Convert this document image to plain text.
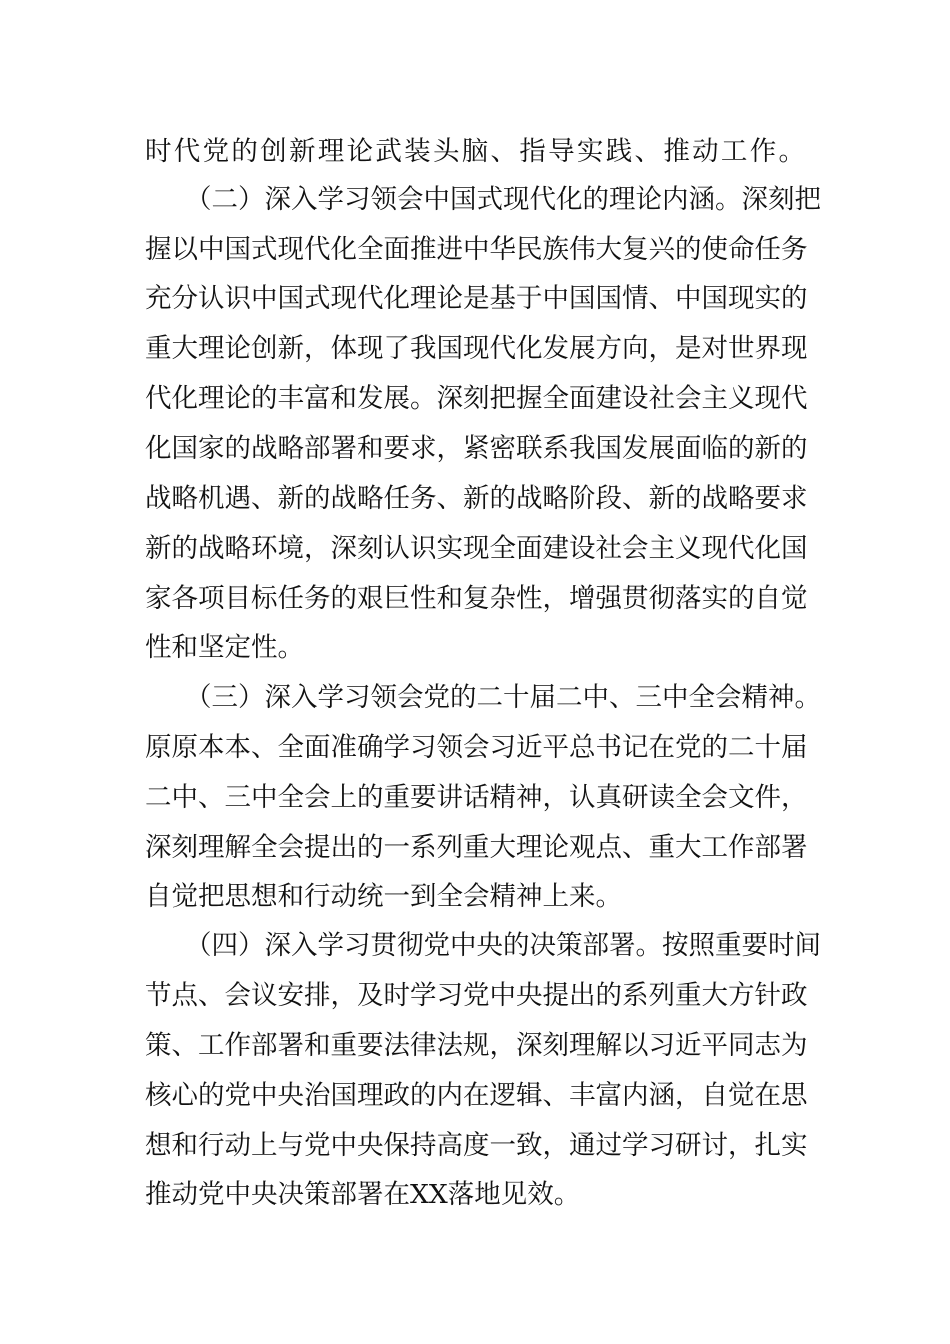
时代党的创新理论武装头脑、指导实践、推动工作。
（二）深入学习领会中国式现代化的理论内涵。深刻把
握以中国式现代化全面推进中华民族伟大复兴的使命任务
充分认识中国式现代化理论是基于中国国情、中国现实的
重大理论创新，体现了我国现代化发展方向，是对世界现
代化理论的丰富和发展。深刻把握全面建设社会主义现代
化国家的战略部署和要求，紧密联系我国发展面临的新的
战略机遇、新的战略任务、新的战略阶段、新的战略要求
新的战略环境，深刻认识实现全面建设社会主义现代化国
家各项目标任务的艰巨性和复杂性，增强贯彻落实的自觉
性和坚定性。
（三）深入学习领会党的二十届二中、三中全会精神。
原原本本、全面准确学习领会习近平总书记在党的二十届
二中、三中全会上的重要讲话精神，认真研读全会文件，
深刻理解全会提出的一系列重大理论观点、重大工作部署
自觉把思想和行动统一到全会精神上来。
（四）深入学习贯彻党中央的决策部署。按照重要时间
节点、会议安排，及时学习党中央提出的系列重大方针政
策、工作部署和重要法律法规，深刻理解以习近平同志为
核心的党中央治国理政的内在逻辑、丰富内涵，自觉在思
想和行动上与党中央保持高度一致，通过学习研讨，扎实
推动党中央决策部署在XX落地见效。
